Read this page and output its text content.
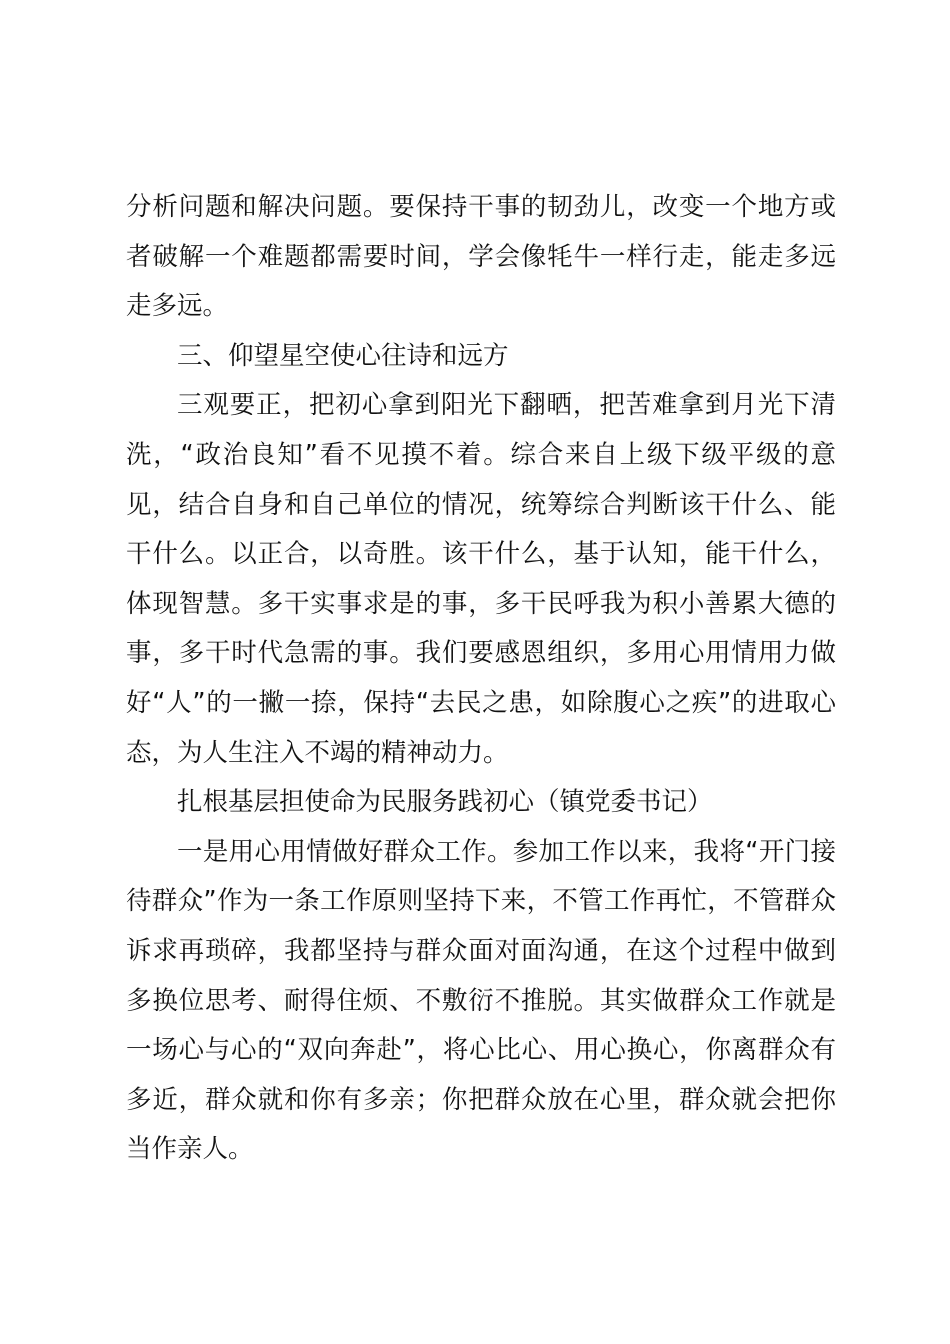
分析问题和解决问题。要保持干事的韧劲儿，改变一个地方或者破解一个难题都需要时间，学会像牦牛一样行走，能走多远走多远。

三、仰望星空使心往诗和远方

三观要正，把初心拿到阳光下翻晒，把苦难拿到月光下清洗，“政治良知”看不见摸不着。综合来自上级下级平级的意见，结合自身和自己单位的情况，统筹综合判断该干什么、能干什么。以正合，以奇胜。该干什么，基于认知，能干什么，体现智慧。多干实事求是的事，多干民呼我为积小善累大德的事，多干时代急需的事。我们要感恩组织，多用心用情用力做好“人”的一撇一捺，保持“去民之患，如除腹心之疾”的进取心态，为人生注入不竭的精神动力。

扎根基层担使命为民服务践初心（镇党委书记）

一是用心用情做好群众工作。参加工作以来，我将“开门接待群众”作为一条工作原则坚持下来，不管工作再忙，不管群众诉求再琐碎，我都坚持与群众面对面沟通，在这个过程中做到多换位思考、耐得住烦、不敷衍不推脱。其实做群众工作就是一场心与心的“双向奔赴”，将心比心、用心换心，你离群众有多近，群众就和你有多亲；你把群众放在心里，群众就会把你当作亲人。
